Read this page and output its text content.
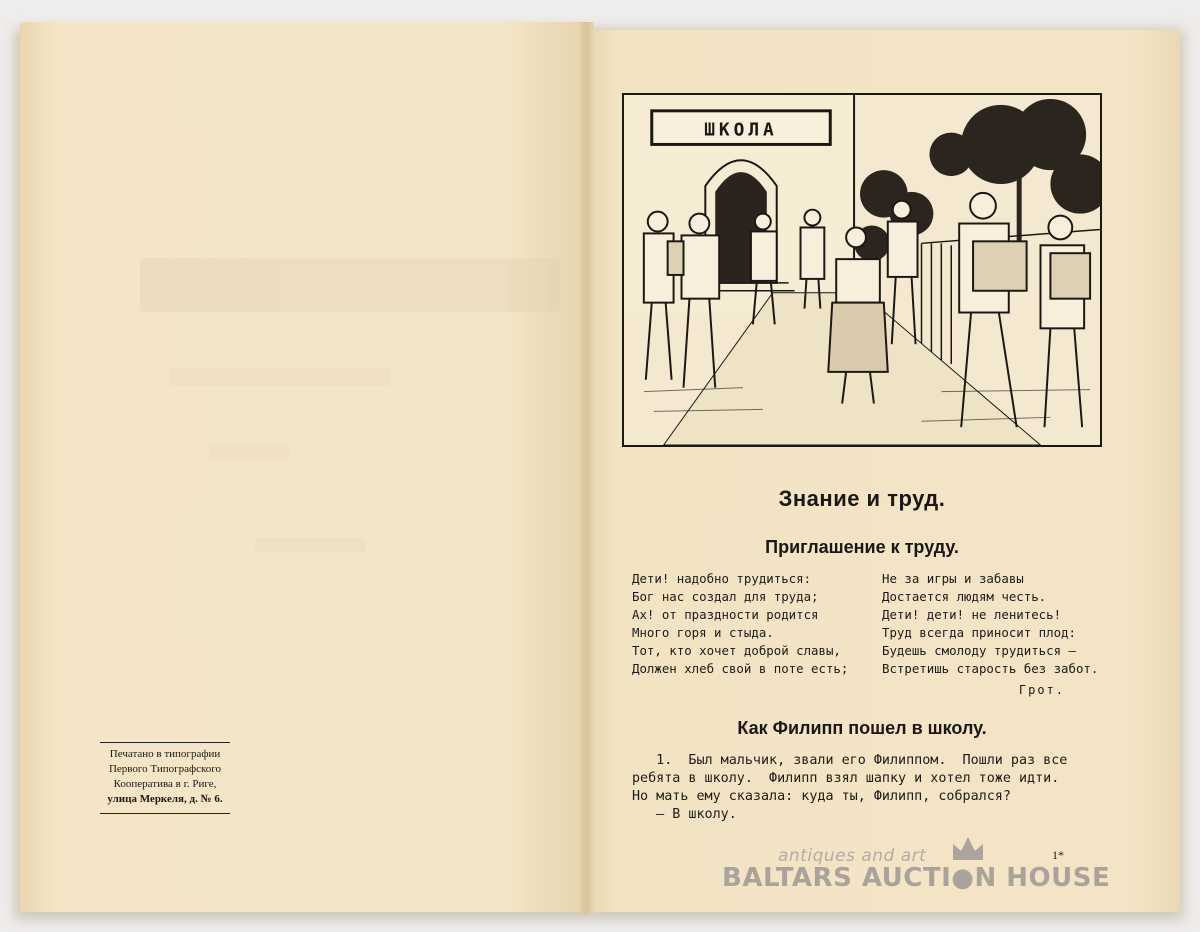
Печатано в типографии
Первого Типографского
Кооператива в г. Риге,
улица Меркеля, д. № 6.
ШКОЛА
Знание и труд.
Приглашение к труду.
Дети! надобно трудиться:
Бог нас создал для труда;
Ах! от праздности родится
Много горя и стыда.
Тот, кто хочет доброй славы,
Должен хлеб свой в поте есть;
Не за игры и забавы
Достается людям честь.
Дети! дети! не ленитесь!
Труд всегда приносит плод:
Будешь смолоду трудиться —
Встретишь старость без забот.
Грот.
Как Филипп пошел в школу.
1.  Был мальчик, звали его Филиппом.  Пошли раз все
ребята в школу.  Филипп взял шапку и хотел тоже идти.
Но мать ему сказала: куда ты, Филипп, собрался?
— В школу.
1*
antiques and art
BALTARS AUCTI●N HOUSE
